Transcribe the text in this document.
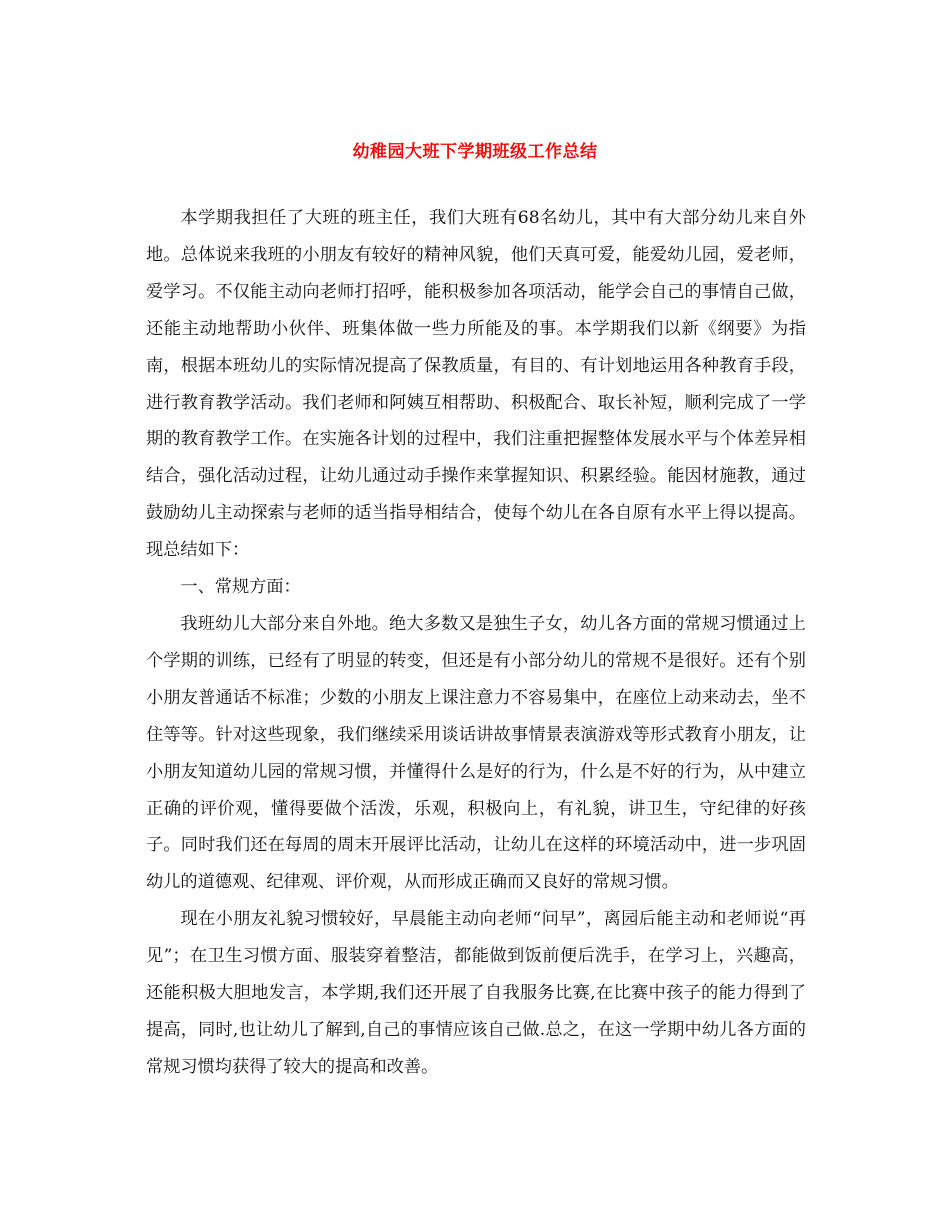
幼稚园大班下学期班级工作总结

本学期我担任了大班的班主任，我们大班有68名幼儿，其中有大部分幼儿来自外地。总体说来我班的小朋友有较好的精神风貌，他们天真可爱，能爱幼儿园，爱老师，爱学习。不仅能主动向老师打招呼，能积极参加各项活动，能学会自己的事情自己做，还能主动地帮助小伙伴、班集体做一些力所能及的事。本学期我们以新《纲要》为指南，根据本班幼儿的实际情况提高了保教质量，有目的、有计划地运用各种教育手段，进行教育教学活动。我们老师和阿姨互相帮助、积极配合、取长补短，顺利完成了一学期的教育教学工作。在实施各计划的过程中，我们注重把握整体发展水平与个体差异相结合，强化活动过程，让幼儿通过动手操作来掌握知识、积累经验。能因材施教，通过鼓励幼儿主动探索与老师的适当指导相结合，使每个幼儿在各自原有水平上得以提高。 现总结如下：

一、常规方面：

我班幼儿大部分来自外地。绝大多数又是独生子女，幼儿各方面的常规习惯通过上个学期的训练，已经有了明显的转变，但还是有小部分幼儿的常规不是很好。还有个别小朋友普通话不标准；少数的小朋友上课注意力不容易集中，在座位上动来动去，坐不住等等。针对这些现象，我们继续采用谈话讲故事情景表演游戏等形式教育小朋友，让小朋友知道幼儿园的常规习惯，并懂得什么是好的行为，什么是不好的行为，从中建立正确的评价观，懂得要做个活泼，乐观，积极向上，有礼貌，讲卫生，守纪律的好孩子。同时我们还在每周的周末开展评比活动，让幼儿在这样的环境活动中，进一步巩固幼儿的道德观、纪律观、评价观，从而形成正确而又良好的常规习惯。

现在小朋友礼貌习惯较好，早晨能主动向老师“问早”，离园后能主动和老师说“再见”；在卫生习惯方面、服装穿着整洁，都能做到饭前便后洗手，在学习上，兴趣高，还能积极大胆地发言，本学期,我们还开展了自我服务比赛,在比赛中孩子的能力得到了提高，同时,也让幼儿了解到,自己的事情应该自己做.总之，在这一学期中幼儿各方面的常规习惯均获得了较大的提高和改善。
